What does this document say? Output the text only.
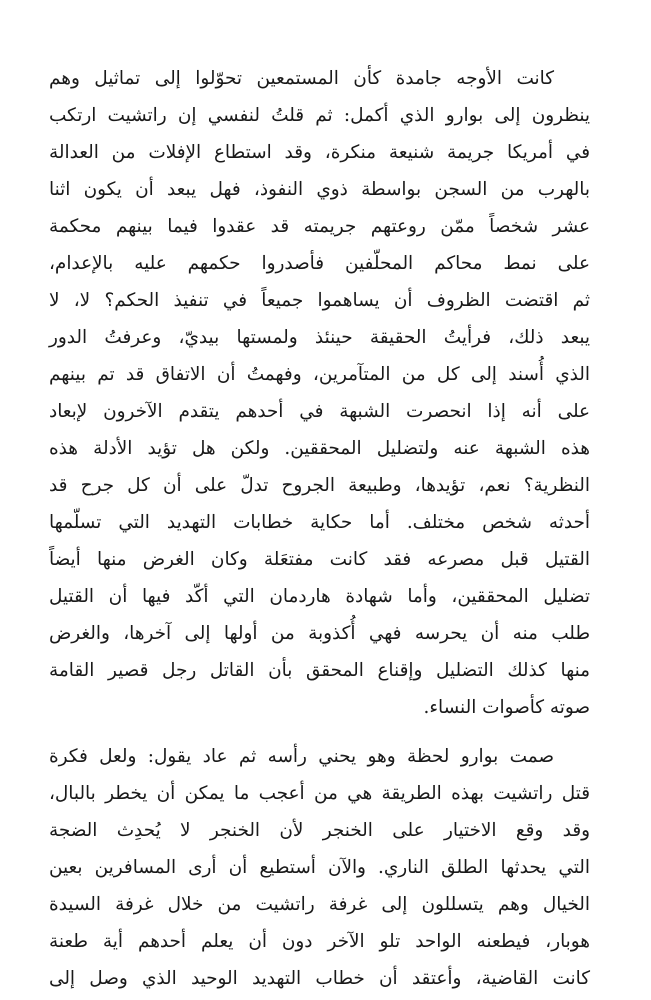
كانت الأوجه جامدة كأن المستمعين تحوّلوا إلى تماثيل وهم
ينظرون إلى بوارو الذي أكمل: ثم قلتُ لنفسي إن راتشيت ارتكب
في أمريكا جريمة شنيعة منكرة، وقد استطاع الإفلات من العدالة
بالهرب من السجن بواسطة ذوي النفوذ، فهل يبعد أن يكون اثنا
عشر شخصاً ممّن روعتهم جريمته قد عقدوا فيما بينهم محكمة
على نمط محاكم المحلّفين فأصدروا حكمهم عليه بالإعدام،
ثم اقتضت الظروف أن يساهموا جميعاً في تنفيذ الحكم؟ لا، لا
يبعد ذلك، فرأيتُ الحقيقة حينئذ ولمستها بيديّ، وعرفتُ الدور
الذي أُسند إلى كل من المتآمرين، وفهمتُ أن الاتفاق قد تم بينهم
على أنه إذا انحصرت الشبهة في أحدهم يتقدم الآخرون لإبعاد
هذه الشبهة عنه ولتضليل المحققين. ولكن هل تؤيد الأدلة هذه
النظرية؟ نعم، تؤيدها، وطبيعة الجروح تدلّ على أن كل جرح قد
أحدثه شخص مختلف. أما حكاية خطابات التهديد التي تسلّمها
القتيل قبل مصرعه فقد كانت مفتعَلة وكان الغرض منها أيضاً
تضليل المحققين، وأما شهادة هاردمان التي أكّد فيها أن القتيل
طلب منه أن يحرسه فهي أُكذوبة من أولها إلى آخرها، والغرض
منها كذلك التضليل وإقناع المحقق بأن القاتل رجل قصير القامة
صوته كأصوات النساء.
صمت بوارو لحظة وهو يحني رأسه ثم عاد يقول: ولعل فكرة
قتل راتشيت بهذه الطريقة هي من أعجب ما يمكن أن يخطر بالبال،
وقد وقع الاختيار على الخنجر لأن الخنجر لا يُحدِث الضجة
التي يحدثها الطلق الناري. والآن أستطيع أن أرى المسافرين بعين
الخيال وهم يتسللون إلى غرفة راتشيت من خلال غرفة السيدة
هوبار، فيطعنه الواحد تلو الآخر دون أن يعلم أحدهم أية طعنة
كانت القاضية، وأعتقد أن خطاب التهديد الوحيد الذي وصل إلى
